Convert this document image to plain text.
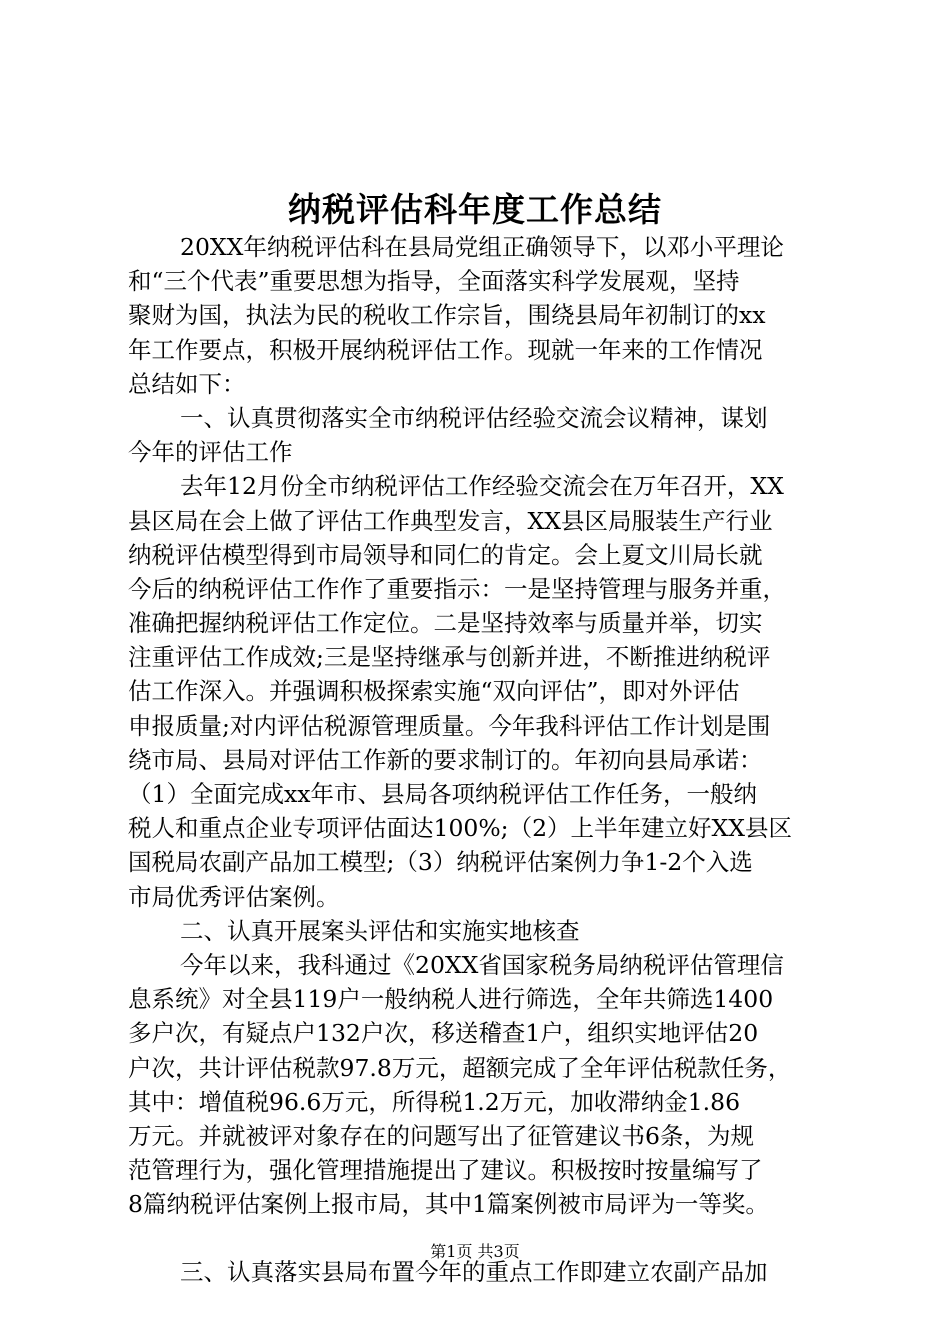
纳税评估科年度工作总结
20XX年纳税评估科在县局党组正确领导下，以邓小平理论
和“三个代表”重要思想为指导，全面落实科学发展观，坚持
聚财为国，执法为民的税收工作宗旨，围绕县局年初制订的xx
年工作要点，积极开展纳税评估工作。现就一年来的工作情况
总结如下：
一、认真贯彻落实全市纳税评估经验交流会议精神，谋划
今年的评估工作
去年12月份全市纳税评估工作经验交流会在万年召开，XX
县区局在会上做了评估工作典型发言，XX县区局服装生产行业
纳税评估模型得到市局领导和同仁的肯定。会上夏文川局长就
今后的纳税评估工作作了重要指示：一是坚持管理与服务并重，
准确把握纳税评估工作定位。二是坚持效率与质量并举，切实
注重评估工作成效;三是坚持继承与创新并进，不断推进纳税评
估工作深入。并强调积极探索实施“双向评估”，即对外评估
申报质量;对内评估税源管理质量。今年我科评估工作计划是围
绕市局、县局对评估工作新的要求制订的。年初向县局承诺：
（1）全面完成xx年市、县局各项纳税评估工作任务，一般纳
税人和重点企业专项评估面达100%;（2）上半年建立好XX县区
国税局农副产品加工模型;（3）纳税评估案例力争1-2个入选
市局优秀评估案例。
二、认真开展案头评估和实施实地核查
今年以来，我科通过《20XX省国家税务局纳税评估管理信
息系统》对全县119户一般纳税人进行筛选，全年共筛选1400
多户次，有疑点户132户次，移送稽查1户，组织实地评估20
户次，共计评估税款97.8万元，超额完成了全年评估税款任务，
其中：增值税96.6万元，所得税1.2万元，加收滞纳金1.86
万元。并就被评对象存在的问题写出了征管建议书6条，为规
范管理行为，强化管理措施提出了建议。积极按时按量编写了
8篇纳税评估案例上报市局，其中1篇案例被市局评为一等奖。
三、认真落实县局布置今年的重点工作即建立农副产品加
第1页 共3页
